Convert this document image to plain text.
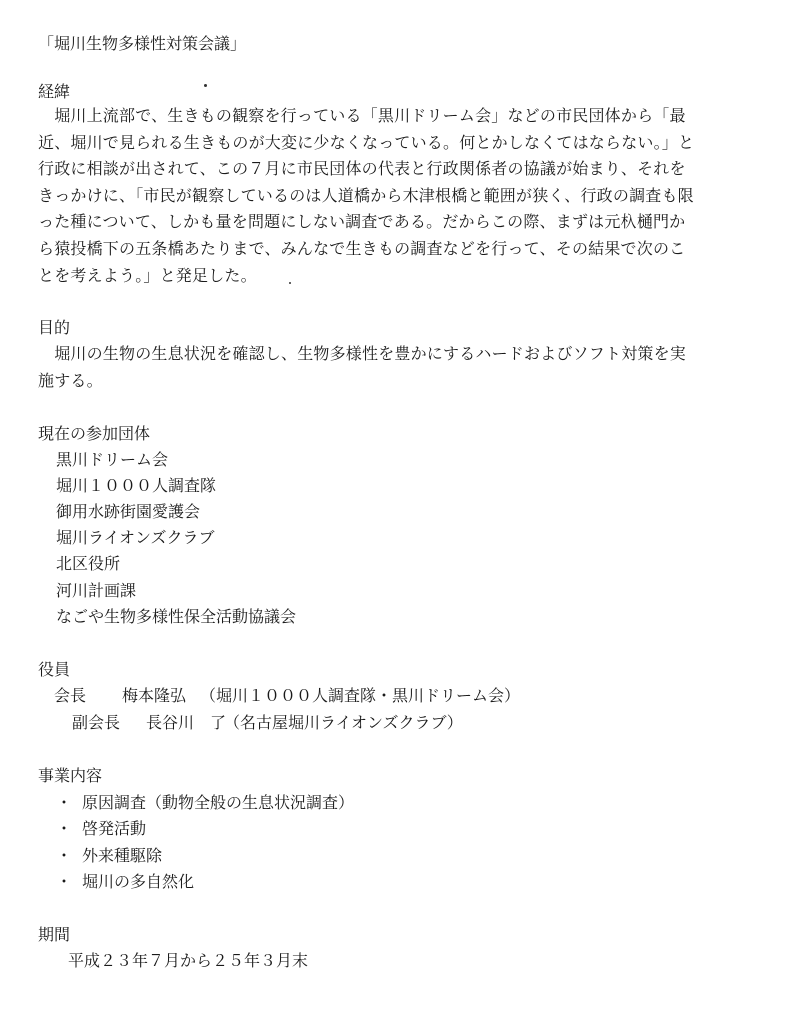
「堀川生物多様性対策会議」
経緯
　堀川上流部で、生きもの観察を行っている「黒川ドリーム会」などの市民団体から「最
近、堀川で見られる生きものが大変に少なくなっている。何とかしなくてはならない。」と
行政に相談が出されて、この７月に市民団体の代表と行政関係者の協議が始まり、それを
きっかけに、「市民が観察しているのは人道橋から木津根橋と範囲が狭く、行政の調査も限
った種について、しかも量を問題にしない調査である。だからこの際、まずは元杁樋門か
ら猿投橋下の五条橋あたりまで、みんなで生きもの調査などを行って、その結果で次のこ
とを考えよう。」と発足した。
目的
　堀川の生物の生息状況を確認し、生物多様性を豊かにするハードおよびソフト対策を実
施する。
現在の参加団体
黒川ドリーム会
堀川１０００人調査隊
御用水跡街園愛護会
堀川ライオンズクラブ
北区役所
河川計画課
なごや生物多様性保全活動協議会
役員
会長 梅本隆弘 （堀川１０００人調査隊・黒川ドリーム会）
副会長 長谷川　了
（名古屋堀川ライオンズクラブ）
事業内容
・ 原因調査（動物全般の生息状況調査）
・ 啓発活動
・ 外来種駆除
・ 堀川の多自然化
期間
平成２３年７月から２５年３月末
